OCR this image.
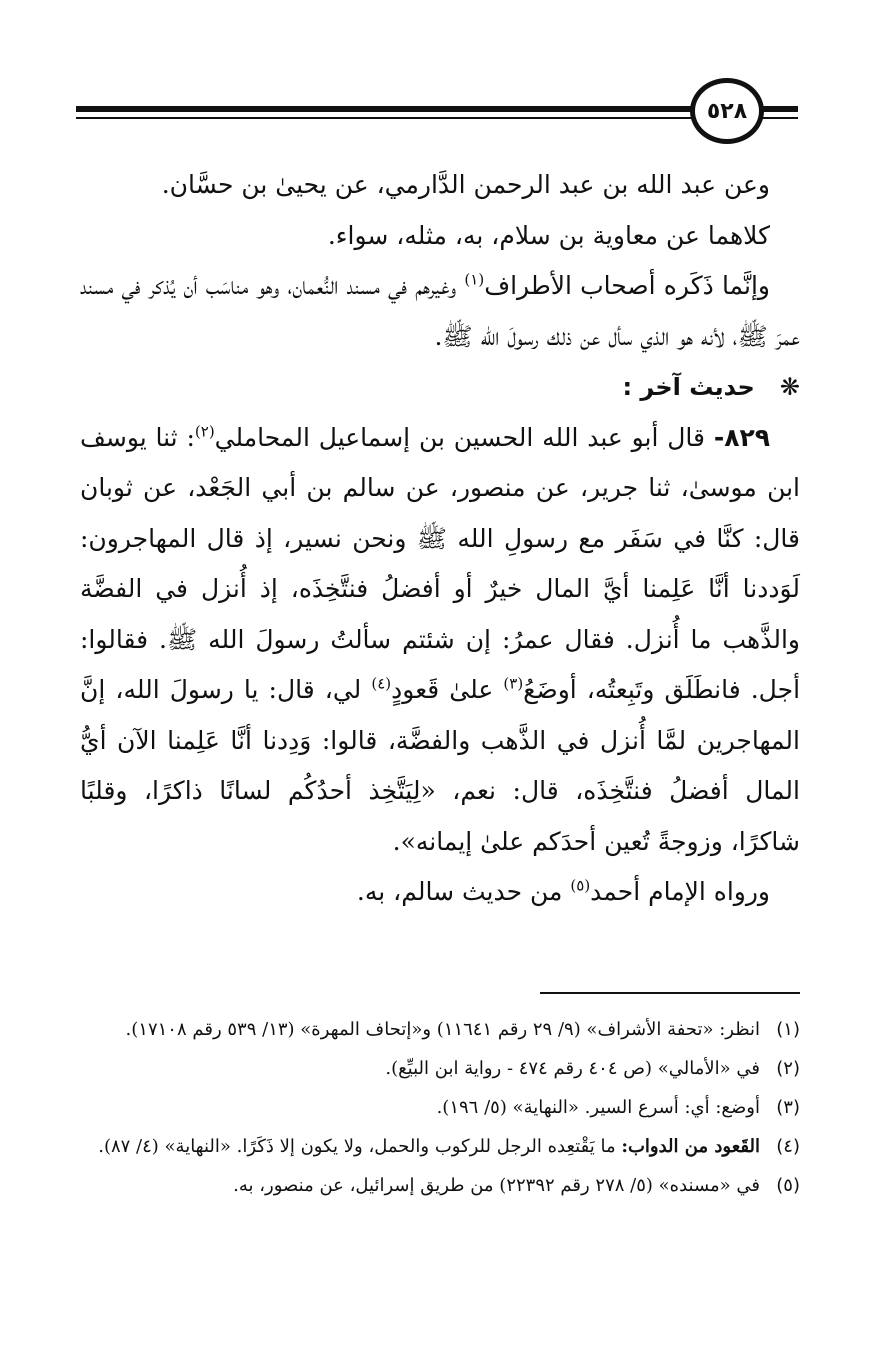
٥٢٨

وعن عبد الله بن عبد الرحمن الدَّارمي، عن يحيىٰ بن حسَّان.

كلاهما عن معاوية بن سلام، به، مثله، سواء.

وإنَّما ذَكَره أصحاب الأطراف$^{(١)}$ وغيرهم في مسند النُّعمان، وهو مناسَب أن يُذكر في مسند عمرَ ﷺ، لأنه هو الذي سأل عن ذلك رسولَ الله ﷺ.

❋   حديث آخر :

٨٢٩- قال أبو عبد الله الحسين بن إسماعيل المحاملي$^{(٢)}$: ثنا يوسف ابن موسىٰ، ثنا جرير، عن منصور، عن سالم بن أبي الجَعْد، عن ثوبان قال: كنَّا في سَفَر مع رسولِ الله ﷺ ونحن نسير، إذ قال المهاجرون: لَوَددنا أنَّا عَلِمنا أيَّ المال خيرٌ أو أفضلُ فنتَّخِذَه، إذ أُنزل في الفضَّة والذَّهب ما أُنزل. فقال عمرُ: إن شئتم سألتُ رسولَ الله ﷺ. فقالوا: أجل. فانطَلَق وتَبِعتُه، أوضَعُ$^{(٣)}$ علىٰ قَعودٍ$^{(٤)}$ لي، قال: يا رسولَ الله، إنَّ المهاجرين لمَّا أُنزل في الذَّهب والفضَّة، قالوا: وَدِدنا أنَّا عَلِمنا الآن أيُّ المال أفضلُ فنتَّخِذَه، قال: نعم، «لِيَتَّخِذ أحدُكُم لسانًا ذاكرًا، وقلبًا شاكرًا، وزوجةً تُعين أحدَكم علىٰ إيمانه».

ورواه الإمام أحمد$^{(٥)}$ من حديث سالم، به.

(١)
انظر: «تحفة الأشراف» (٩/ ٢٩ رقم ١١٦٤١) و«إتحاف المهرة» (١٣/ ٥٣٩ رقم ١٧١٠٨).
(٢)
في «الأمالي» (ص ٤٠٤ رقم ٤٧٤ - رواية ابن البيِّع).
(٣)
أوضع: أي: أسرع السير. «النهاية» (٥/ ١٩٦).
(٤)
القَعود من الدواب: ما يَقْتعِده الرجل للركوب والحمل، ولا يكون إلا ذَكَرًا. «النهاية» (٤/ ٨٧).
(٥)
في «مسنده» (٥/ ٢٧٨ رقم ٢٢٣٩٢) من طريق إسرائيل، عن منصور، به.
